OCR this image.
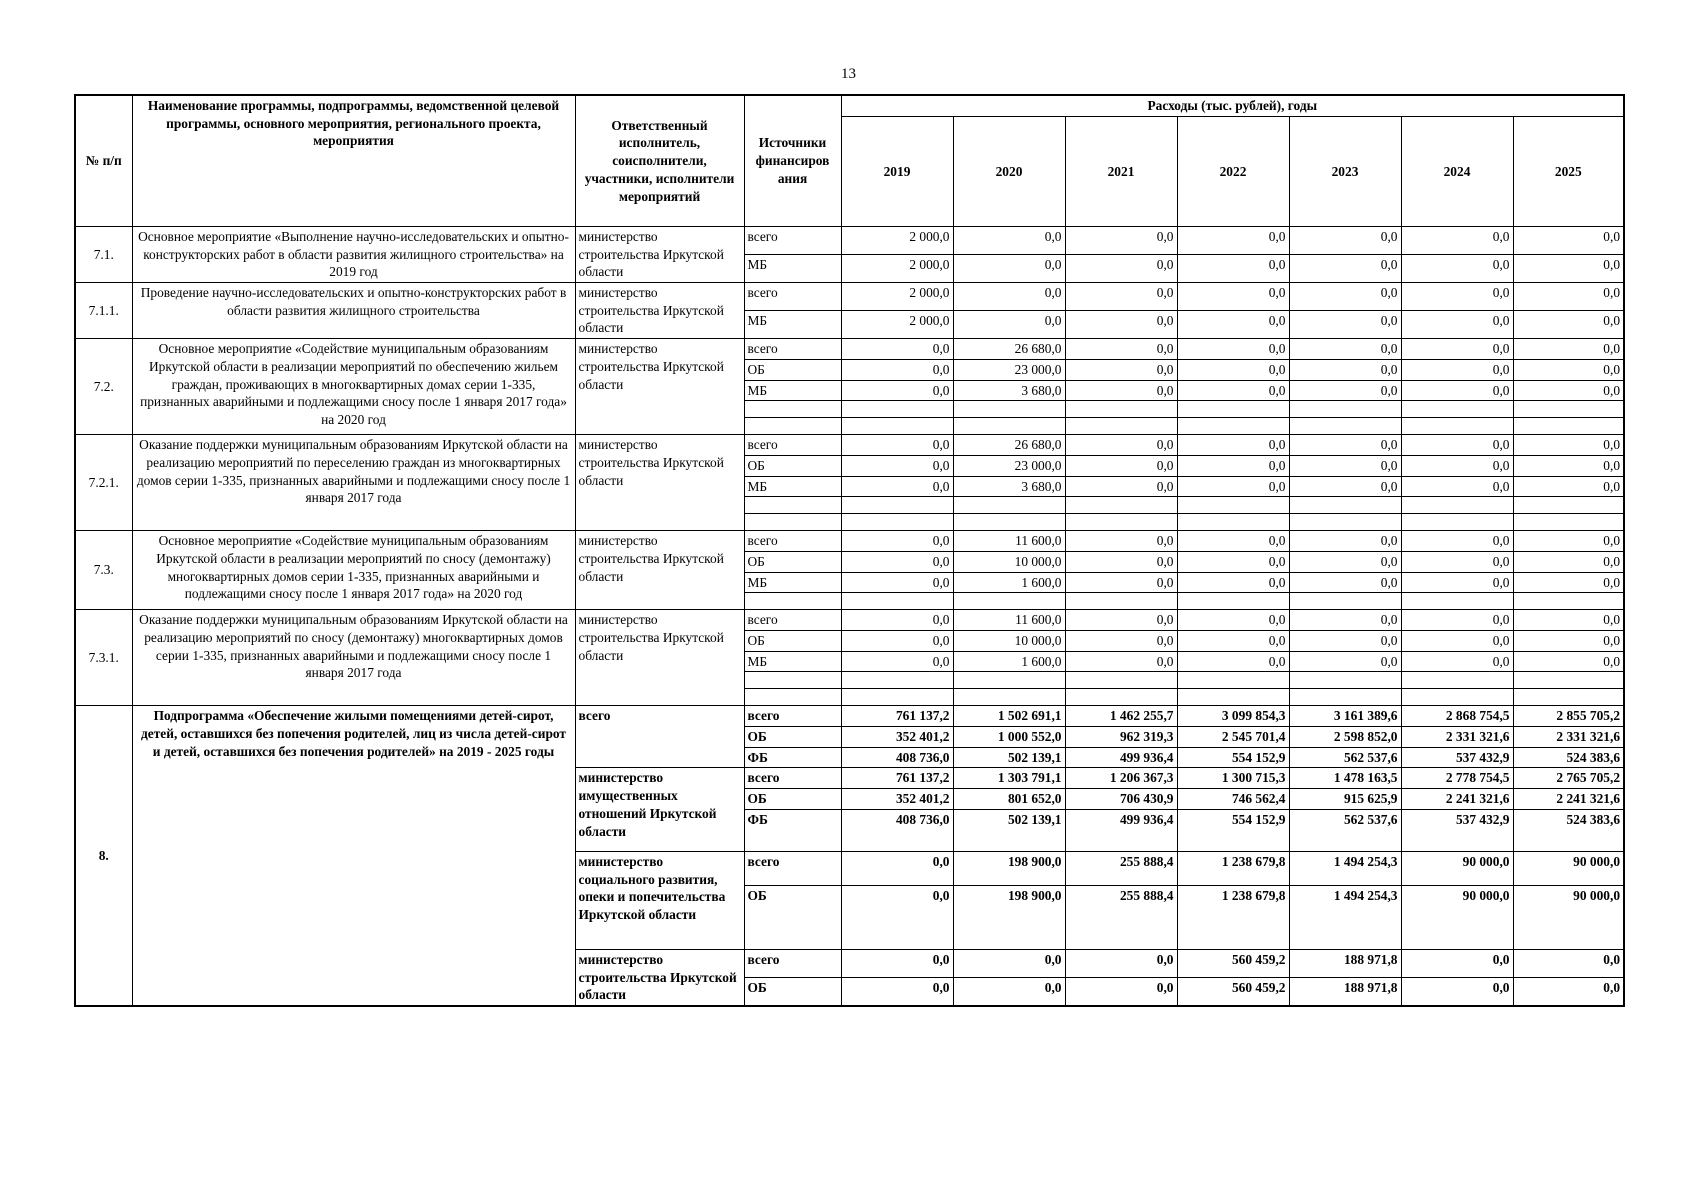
13
№ п/п	Наименование программы, подпрограммы, ведомственной целевой программы, основного мероприятия, регионального проекта, мероприятия	Ответственный исполнитель, соисполнители, участники, исполнители мероприятий	Источники финансиров ания	Расходы (тыс. рублей), годы						
				2019	2020	2021	2022	2023	2024	2025
7.1.	Основное мероприятие «Выполнение научно-исследовательских и опытно-конструкторских работ в области развития жилищного строительства» на 2019 год	министерство строительства Иркутской области	всего	2 000,0	0,0	0,0	0,0	0,0	0,0	0,0
			МБ	2 000,0	0,0	0,0	0,0	0,0	0,0	0,0
7.1.1.	Проведение научно-исследовательских и опытно-конструкторских работ в области развития жилищного строительства	министерство строительства Иркутской области	всего	2 000,0	0,0	0,0	0,0	0,0	0,0	0,0
			МБ	2 000,0	0,0	0,0	0,0	0,0	0,0	0,0
7.2.	Основное мероприятие «Содействие муниципальным образованиям Иркутской области в реализации мероприятий по обеспечению жильем граждан, проживающих в многоквартирных домах серии 1-335, признанных аварийными и подлежащими сносу после 1 января 2017 года» на 2020 год	министерство строительства Иркутской области	всего	0,0	26 680,0	0,0	0,0	0,0	0,0	0,0
			ОБ	0,0	23 000,0	0,0	0,0	0,0	0,0	0,0
			МБ	0,0	3 680,0	0,0	0,0	0,0	0,0	0,0

7.2.1.	Оказание поддержки муниципальным образованиям Иркутской области на реализацию мероприятий по переселению граждан из многоквартирных домов серии 1-335, признанных аварийными и подлежащими сносу после 1 января 2017 года	министерство строительства Иркутской области	всего	0,0	26 680,0	0,0	0,0	0,0	0,0	0,0
			ОБ	0,0	23 000,0	0,0	0,0	0,0	0,0	0,0
			МБ	0,0	3 680,0	0,0	0,0	0,0	0,0	0,0

7.3.	Основное мероприятие «Содействие муниципальным образованиям Иркутской области в реализации мероприятий по сносу (демонтажу) многоквартирных домов серии 1-335, признанных аварийными и подлежащими сносу после 1 января 2017 года» на 2020 год	министерство строительства Иркутской области	всего	0,0	11 600,0	0,0	0,0	0,0	0,0	0,0
			ОБ	0,0	10 000,0	0,0	0,0	0,0	0,0	0,0
			МБ	0,0	1 600,0	0,0	0,0	0,0	0,0	0,0

7.3.1.	Оказание поддержки муниципальным образованиям Иркутской области на реализацию мероприятий по сносу (демонтажу) многоквартирных домов серии 1-335, признанных аварийными и подлежащими сносу после 1 января 2017 года	министерство строительства Иркутской области	всего	0,0	11 600,0	0,0	0,0	0,0	0,0	0,0
			ОБ	0,0	10 000,0	0,0	0,0	0,0	0,0	0,0
			МБ	0,0	1 600,0	0,0	0,0	0,0	0,0	0,0

8.	Подпрограмма «Обеспечение жилыми помещениями детей-сирот, детей, оставшихся без попечения родителей, лиц из числа детей-сирот и детей, оставшихся без попечения родителей» на 2019 - 2025 годы	всего	всего	761 137,2	1 502 691,1	1 462 255,7	3 099 854,3	3 161 389,6	2 868 754,5	2 855 705,2
			ОБ	352 401,2	1 000 552,0	962 319,3	2 545 701,4	2 598 852,0	2 331 321,6	2 331 321,6
			ФБ	408 736,0	502 139,1	499 936,4	554 152,9	562 537,6	537 432,9	524 383,6
		министерство имущественных отношений Иркутской области	всего	761 137,2	1 303 791,1	1 206 367,3	1 300 715,3	1 478 163,5	2 778 754,5	2 765 705,2
			ОБ	352 401,2	801 652,0	706 430,9	746 562,4	915 625,9	2 241 321,6	2 241 321,6
			ФБ	408 736,0	502 139,1	499 936,4	554 152,9	562 537,6	537 432,9	524 383,6
		министерство социального развития, опеки и попечительства Иркутской области	всего	0,0	198 900,0	255 888,4	1 238 679,8	1 494 254,3	90 000,0	90 000,0
			ОБ	0,0	198 900,0	255 888,4	1 238 679,8	1 494 254,3	90 000,0	90 000,0
		министерство строительства Иркутской области	всего	0,0	0,0	0,0	560 459,2	188 971,8	0,0	0,0
			ОБ	0,0	0,0	0,0	560 459,2	188 971,8	0,0	0,0
